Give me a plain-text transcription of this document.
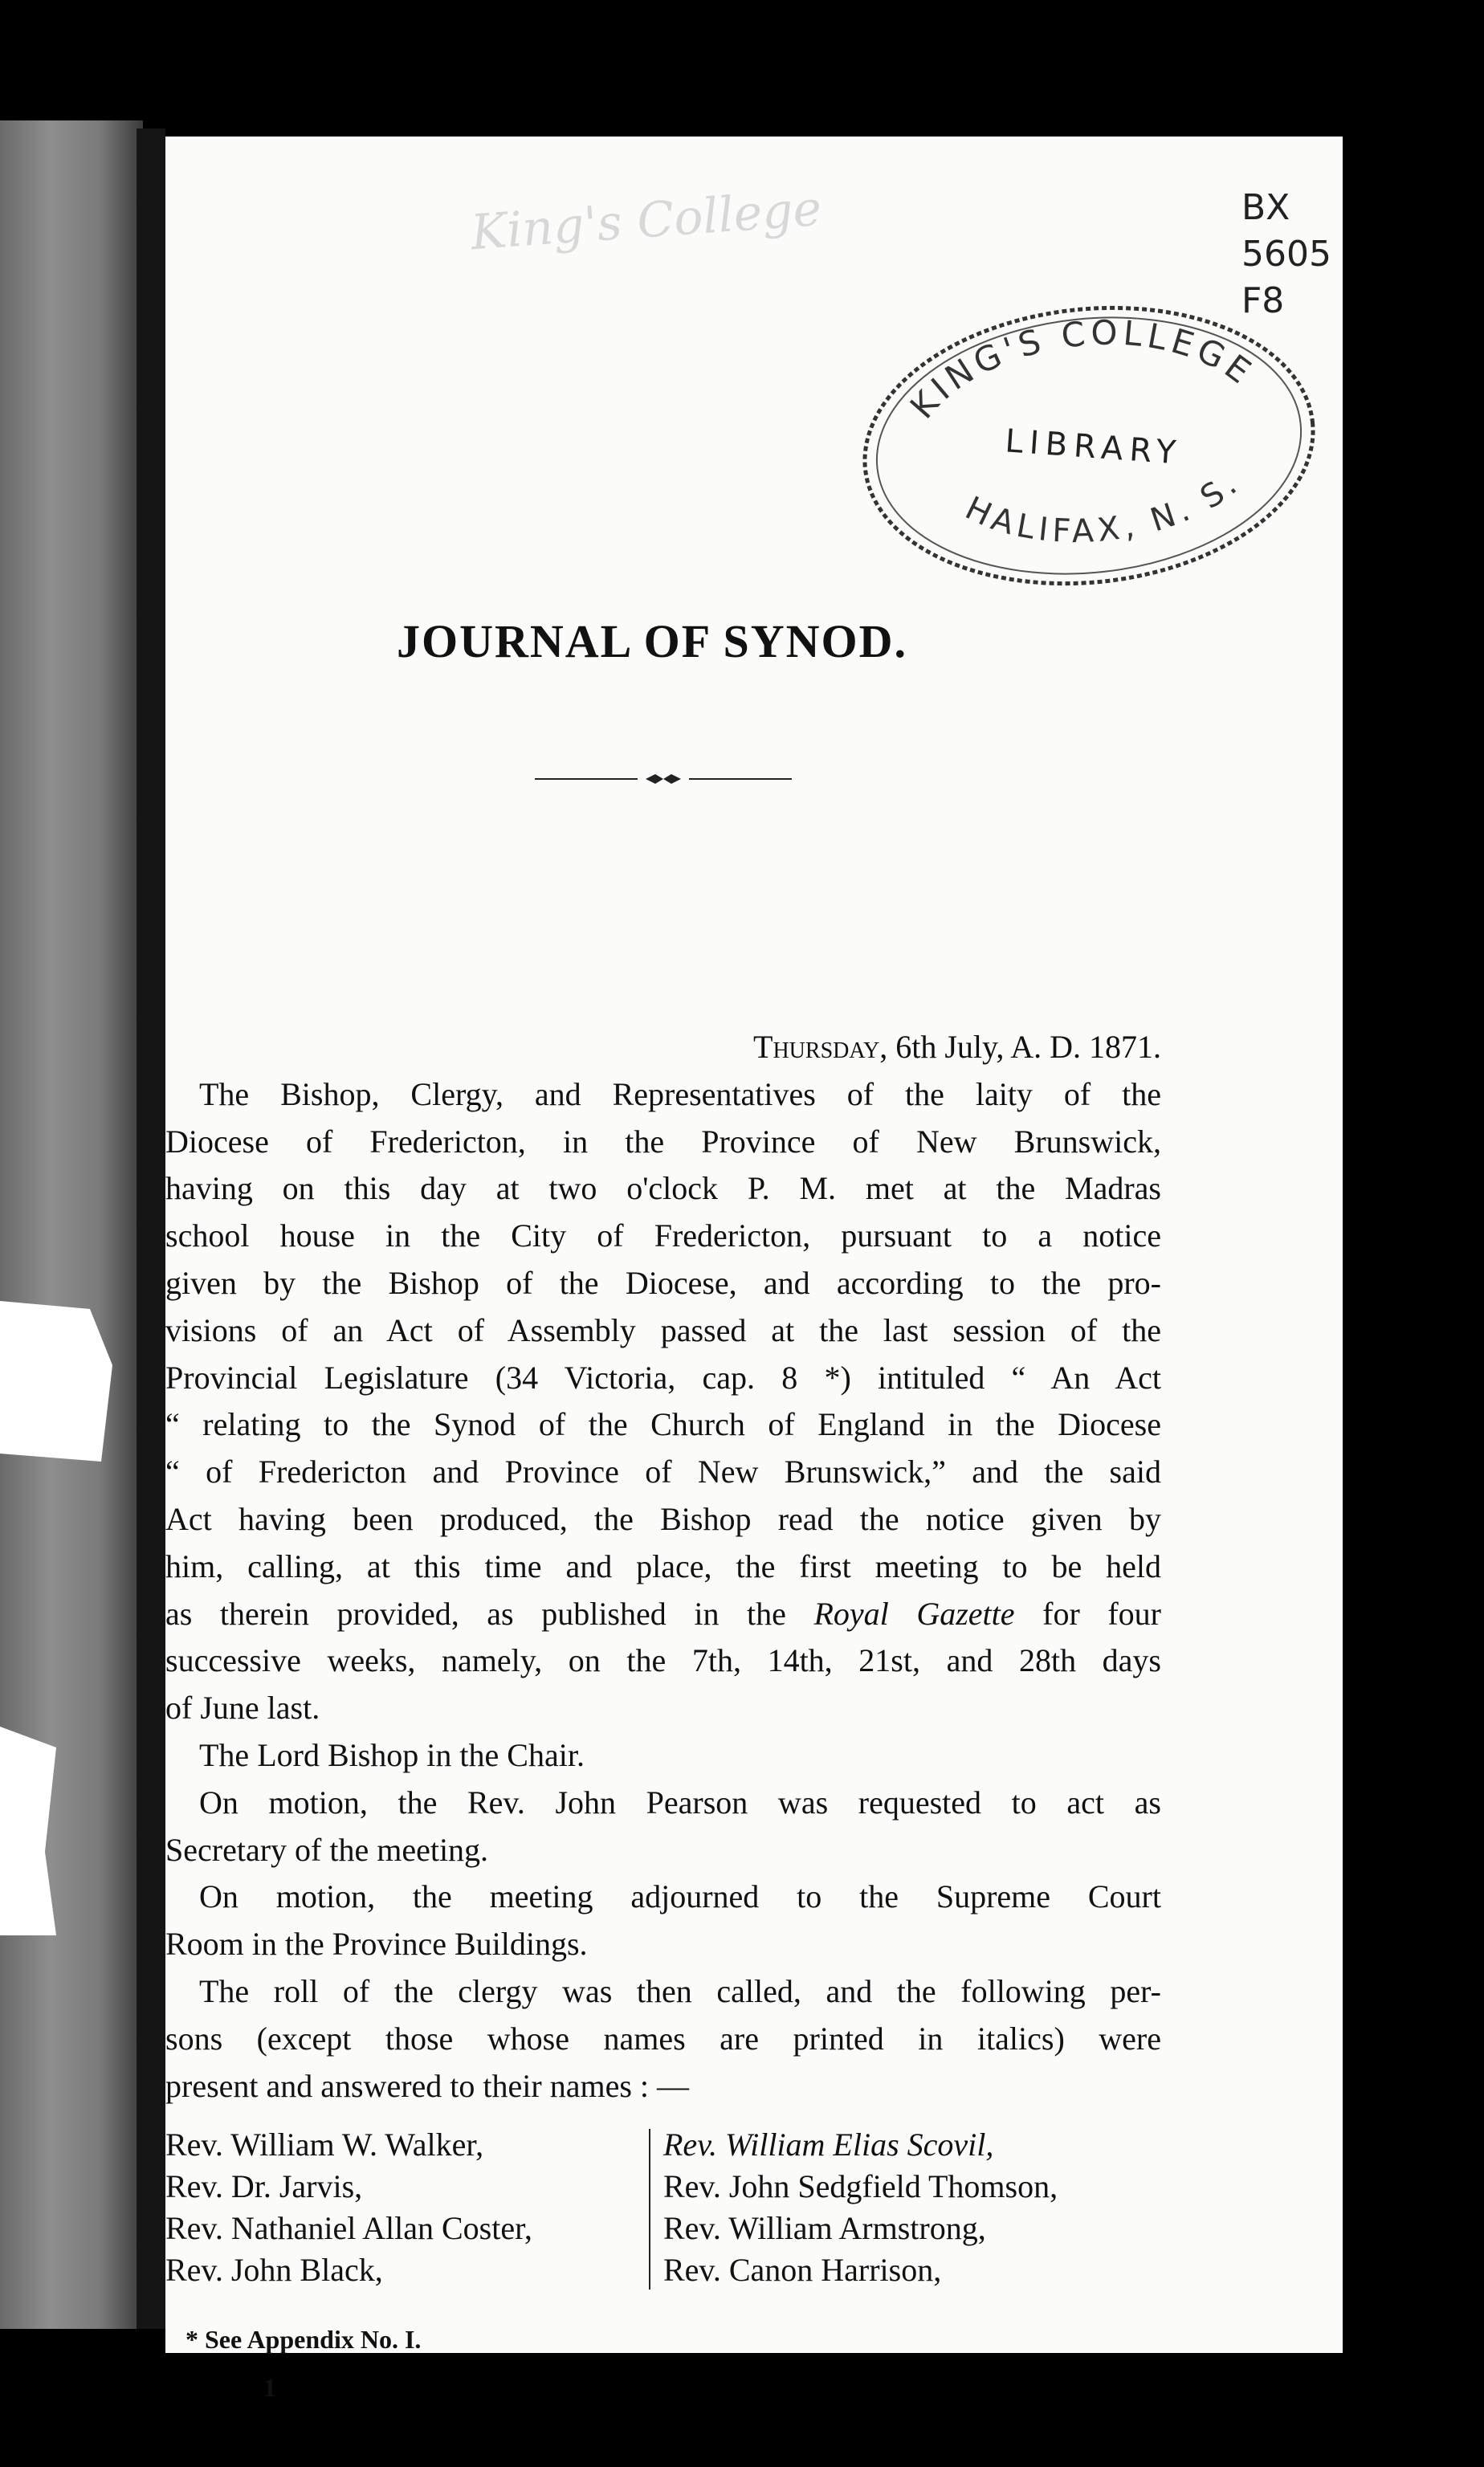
King's College	BX
5605
F8
KING'S COLLEGE
LIBRARY
HALIFAX, N. S.
JOURNAL OF SYNOD.

Thursday, 6th July, A. D. 1871.

The Bishop, Clergy, and Representatives of the laity of the
Diocese of Fredericton, in the Province of New Brunswick,
having on this day at two o'clock P. M. met at the Madras
school house in the City of Fredericton, pursuant to a notice
given by the Bishop of the Diocese, and according to the pro-
visions of an Act of Assembly passed at the last session of the
Provincial Legislature (34 Victoria, cap. 8 *) intituled “ An Act
“ relating to the Synod of the Church of England in the Diocese
“ of Fredericton and Province of New Brunswick,” and the said
Act having been produced, the Bishop read the notice given by
him, calling, at this time and place, the first meeting to be held
as therein provided, as published in the Royal Gazette for four
successive weeks, namely, on the 7th, 14th, 21st, and 28th days
of June last.
The Lord Bishop in the Chair.
On motion, the Rev. John Pearson was requested to act as
Secretary of the meeting.
On motion, the meeting adjourned to the Supreme Court
Room in the Province Buildings.
The roll of the clergy was then called, and the following per-
sons (except those whose names are printed in italics) were
present and answered to their names : —
Rev. William W. Walker,
Rev. Dr. Jarvis,
Rev. Nathaniel Allan Coster,
Rev. John Black,
Rev. William Elias Scovil,
Rev. John Sedgfield Thomson,
Rev. William Armstrong,
Rev. Canon Harrison,
* See Appendix No. I.
1
